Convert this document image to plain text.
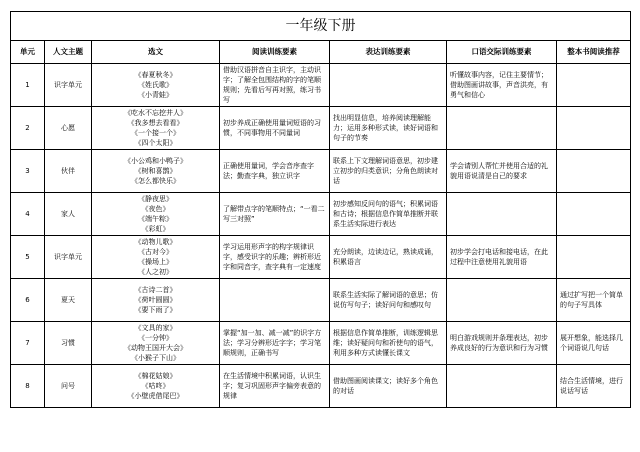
一年级下册						
单元	人文主题	选文	阅读训练要素	表达训练要素	口语交际训练要素	整本书阅读推荐
1	识字单元	《春夏秋冬》
《姓氏歌》
《小青蛙》	借助汉语拼音自主识字，主动识字；了解全包围结构的字的笔顺规则；先看后写再对照，练习书写		听懂故事内容，记住主要情节；借助图画讲故事，声音洪亮，有勇气和信心	
2	心愿	《吃水不忘挖井人》
《我多想去看看》
《一个接一个》
《四个太阳》	初步养成正确使用量词短语的习惯，不同事物用不同量词	找出明显信息，培养阅读理解能力；运用多种形式读，读好词语和句子的节奏		
3	伙伴	《小公鸡和小鸭子》
《树和喜鹊》
《怎么都快乐》	正确使用量词，学会音序查字法；勤查字典，独立识字	联系上下文理解词语意思，初步建立初步的归类意识；分角色朗读对话	学会请别人帮忙并使用合适的礼貌用语说清是自己的要求	
4	家人	《静夜思》
《夜色》
《端午粽》
《彩虹》	了解带点字的笔顺特点；“一看二写三对照”	初步感知反问句的语气；积累词语和古诗；根据信息作简单推断并联系生活实际进行表达		
5	识字单元	《动物儿歌》
《古对今》
《操场上》
《人之初》	学习运用形声字的构字规律识字，感受识字的乐趣；辨析形近字和同音字，查字典有一定速度	充分朗读，边读边记，熟读成诵，积累语言	初步学会打电话和接电话，在此过程中注意使用礼貌用语	
6	夏天	《古诗二首》
《荷叶圆圆》
《要下雨了》		联系生活实际了解词语的意思；仿说仿写句子；读好问句和感叹句		通过扩写把一个简单的句子写具体
7	习惯	《文具的家》
《一分钟》
《动物王国开大会》
《小猴子下山》	掌握“加一加、减一减”的识字方法；学习分辨形近字字；学习笔顺规则，正确书写	根据信息作简单推断，训练逻辑思维；读好疑问句和祈使句的语气，利用多种方式读懂长课文	明白游戏规则并条理表达，初步养成良好的行为意识和行为习惯	展开想象，能选择几个词语说几句话
8	问号	《棉花姑娘》
《咕咚》
《小壁虎借尾巴》	在生活情境中积累词语，认识生字；复习巩固形声字偏旁表意的规律	借助图画阅读课文；读好多个角色的对话		结合生活情境，进行说话写话
